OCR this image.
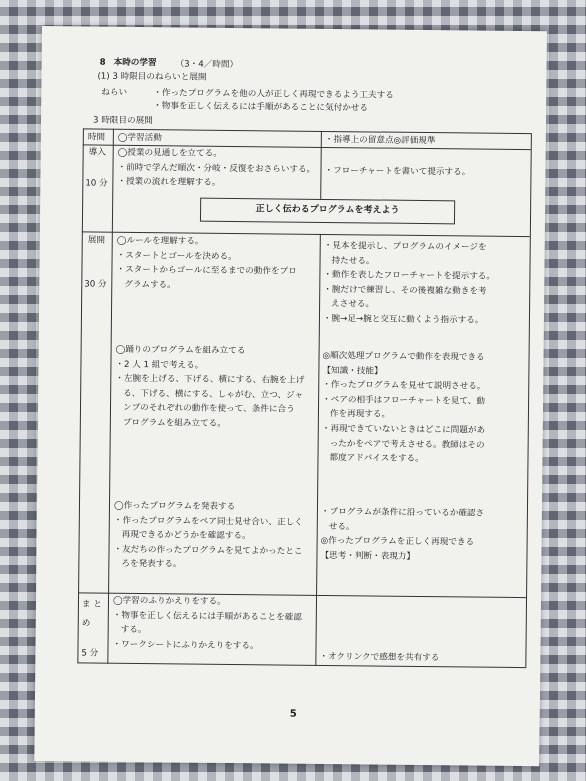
8 本時の学習 （3・4／時間）
(1) 3 時限目のねらいと展開
ねらい	・作ったプログラムを他の人が正しく再現できるよう工夫する
・物事を正しく伝えるには手順があることに気付かせる
3 時限目の展開
時間 ◯学習活動	・指導上の留意点◎評価規準
導入
10 分
◯授業の見通しを立てる。
・前時で学んだ順次・分岐・反復をおさらいする。
・授業の流れを理解する。
・フローチャートを書いて提示する。
正しく伝わるプログラムを考えよう
展開
30 分
◯ルールを理解する。
・スタートとゴールを決める。
・スタートからゴールに至るまでの動作をプロ
グラムする。
・見本を提示し、プログラムのイメージを
持たせる。
・動作を表したフローチャートを提示する。
・腕だけで練習し、その後複雑な動きを考
えさせる。
・腕→足→腕と交互に動くよう指示する。
◯踊りのプログラムを組み立てる
・2 人 1 組で考える。
・左腕を上げる、下げる、横にする、右腕を上げ
る、下げる、横にする、しゃがむ、立つ、ジャ
ンプのそれぞれの動作を使って、条件に合う
プログラムを組み立てる。
◎順次処理プログラムで動作を表現できる
【知識・技能】
・作ったプログラムを見せて説明させる。
・ペアの相手はフローチャートを見て、動
作を再現する。
・再現できていないときはどこに問題があ
ったかをペアで考えさせる。教師はその
都度アドバイスをする。
◯作ったプログラムを発表する
・作ったプログラムをペア同士見せ合い、正しく
再現できるかどうかを確認する。
・友だちの作ったプログラムを見てよかったとこ
ろを発表する。
・プログラムが条件に沿っているか確認さ
せる。
◎作ったプログラムを正しく再現できる
【思考・判断・表現力】
ま と め
5 分
◯学習のふりかえりをする。
・物事を正しく伝えるには手順があることを確認
する。
・ワークシートにふりかえりをする。
・オクリンクで感想を共有する
5
